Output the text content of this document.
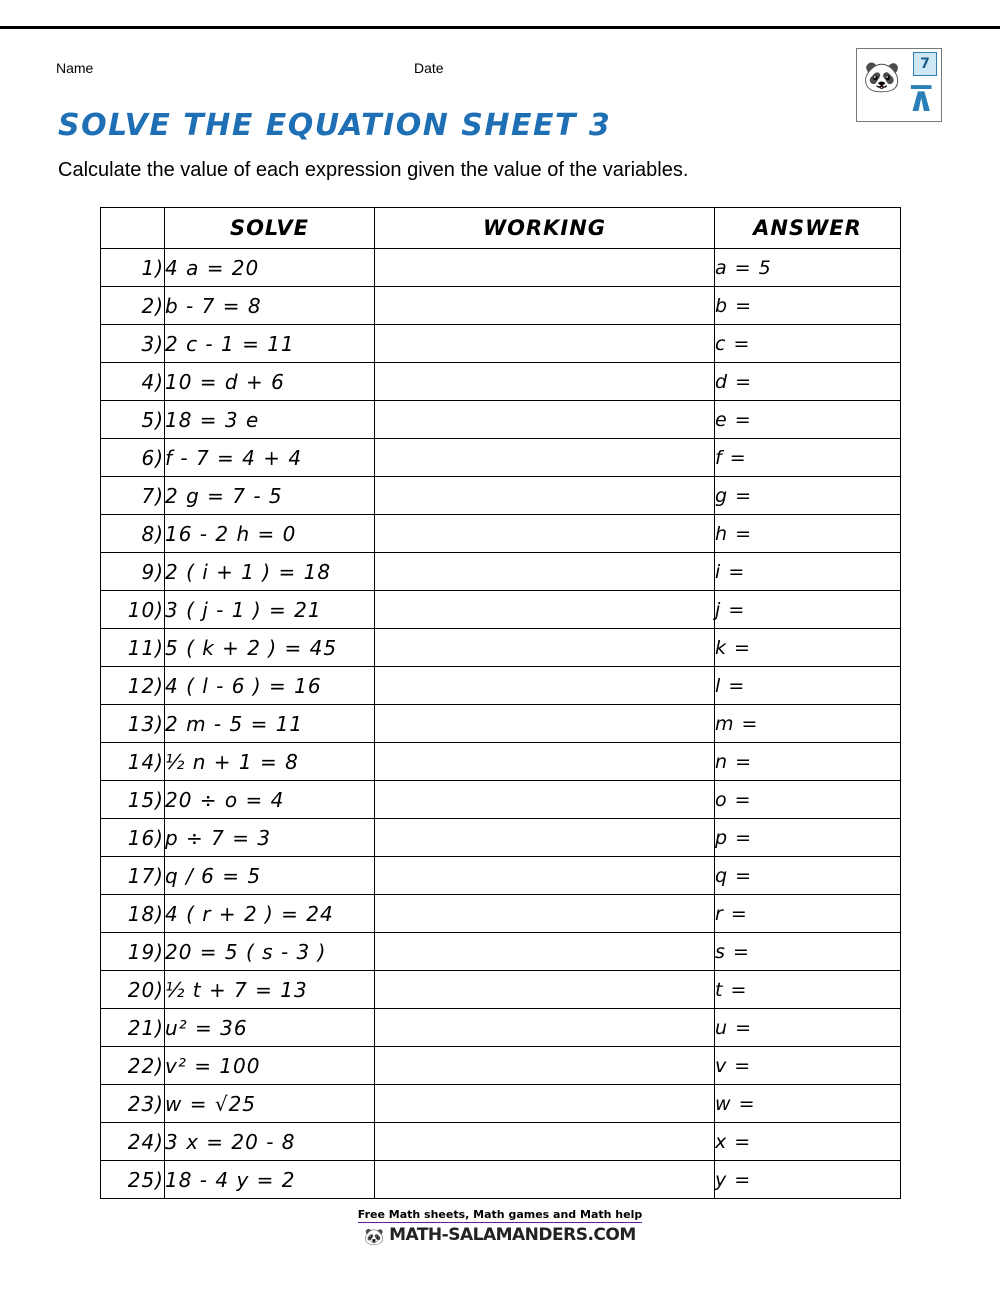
Name	Date	🐼
⊼
7
SOLVE THE EQUATION SHEET 3
Calculate the value of each expression given the value of the variables.
	SOLVE	WORKING	ANSWER
1)	4 a = 20		a = 5
2)	b - 7 = 8		b =
3)	2 c - 1 = 11		c =
4)	10 = d + 6		d =
5)	18 = 3 e		e =
6)	f - 7 = 4 + 4		f =
7)	2 g = 7 - 5		g =
8)	16 - 2 h = 0		h =
9)	2 ( i + 1 ) = 18		i =
10)	3 ( j - 1 ) = 21		j =
11)	5 ( k + 2 ) = 45		k =
12)	4 ( l - 6 ) = 16		l =
13)	2 m - 5 = 11		m =
14)	½ n + 1 = 8		n =
15)	20 ÷ o = 4		o =
16)	p ÷ 7 = 3		p =
17)	q / 6 = 5		q =
18)	4 ( r + 2 ) = 24		r =
19)	20 = 5 ( s - 3 )		s =
20)	½ t + 7 = 13		t =
21)	u² = 36		u =
22)	v² = 100		v =
23)	w = √25		w =
24)	3 x = 20 - 8		x =
25)	18 - 4 y = 2		y =
Free Math sheets, Math games and Math help
🐼 MATH-SALAMANDERS.COM
